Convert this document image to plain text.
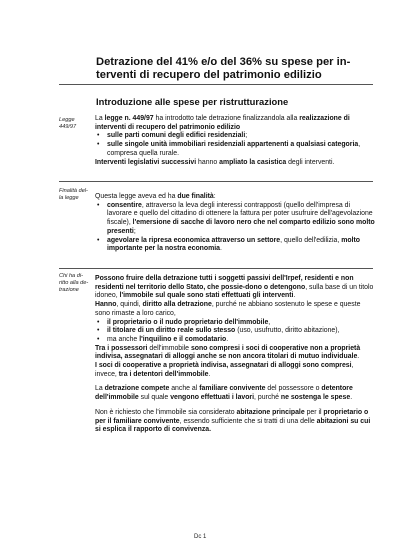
Detrazione del 41% e/o del 36% su spese per in-
terventi di recupero del patrimonio edilizio
Introduzione alle spese per ristrutturazione
Legge
449/97

La legge n. 449/97 ha introdotto tale detrazione finalizzandola alla realizzazione di interventi di recupero del patrimonio edilizio

• sulle parti comuni degli edifici residenziali;
• sulle singole unità immobiliari residenziali appartenenti a qualsiasi categoria, compresa quella rurale.

Interventi legislativi successivi hanno ampliato la casistica degli interventi.

Finalità del-
la legge	Questa legge aveva ed ha due finalità:

• consentire, attraverso la leva degli interessi contrapposti (quello dell'impresa di lavorare e quello del cittadino di ottenere la fattura per poter usufruire dell'agevolazione fiscale), l'emersione di sacche di lavoro nero che nel comparto edilizio sono molto presenti;
• agevolare la ripresa economica attraverso un settore, quello dell'edilizia, molto importante per la nostra economia.
Chi ha di-
ritto alla de-
trazione

Possono fruire della detrazione tutti i soggetti passivi dell'Irpef, residenti e non residenti nel territorio dello Stato, che possie-dono o detengono, sulla base di un titolo idoneo, l'immobile sul quale sono stati effettuati gli interventi.

Hanno, quindi, diritto alla detrazione, purché ne abbiano sostenuto le spese e queste sono rimaste a loro carico,

• il proprietario o il nudo proprietario dell'immobile,
• il titolare di un diritto reale sullo stesso (uso, usufrutto, diritto abitazione),
• ma anche l'inquilino e il comodatario.

Tra i possessori dell'immobile sono compresi i soci di cooperative non a proprietà indivisa, assegnatari di alloggi anche se non ancora titolari di mutuo individuale.

I soci di cooperative a proprietà indivisa, assegnatari di alloggi sono compresi, invece, tra i detentori dell'immobile.

La detrazione compete anche al familiare convivente del possessore o detentore dell'immobile sul quale vengono effettuati i lavori, purché ne sostenga le spese.

Non è richiesto che l'immobile sia considerato abitazione principale per il proprietario o per il familiare convivente, essendo sufficiente che si tratti di una delle abitazioni su cui si esplica il rapporto di convivenza.

Dc 1
